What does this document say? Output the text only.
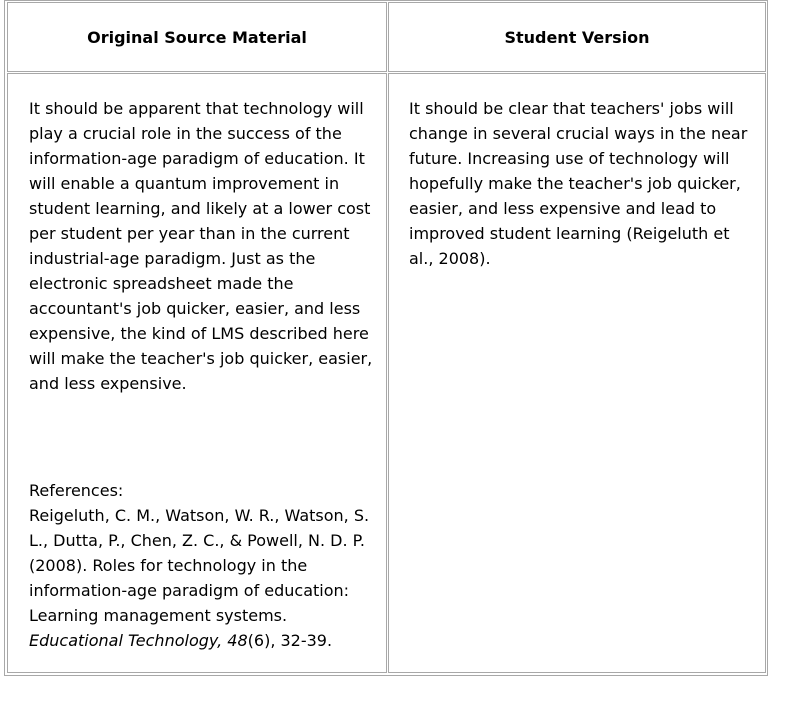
Original Source Material	Student Version

It should be apparent that technology will play a crucial role in the success of the information-age paradigm of education. It will enable a quantum improvement in student learning, and likely at a lower cost per student per year than in the current industrial-age paradigm. Just as the electronic spreadsheet made the accountant's job quicker, easier, and less expensive, the kind of LMS described here will make the teacher's job quicker, easier, and less expensive.

References:
Reigeluth, C. M., Watson, W. R., Watson, S. L., Dutta, P., Chen, Z. C., & Powell, N. D. P. (2008). Roles for technology in the information-age paradigm of education: Learning management systems. Educational Technology, 48(6), 32-39.

It should be clear that teachers' jobs will change in several crucial ways in the near future. Increasing use of technology will hopefully make the teacher's job quicker, easier, and less expensive and lead to improved student learning (Reigeluth et al., 2008).
